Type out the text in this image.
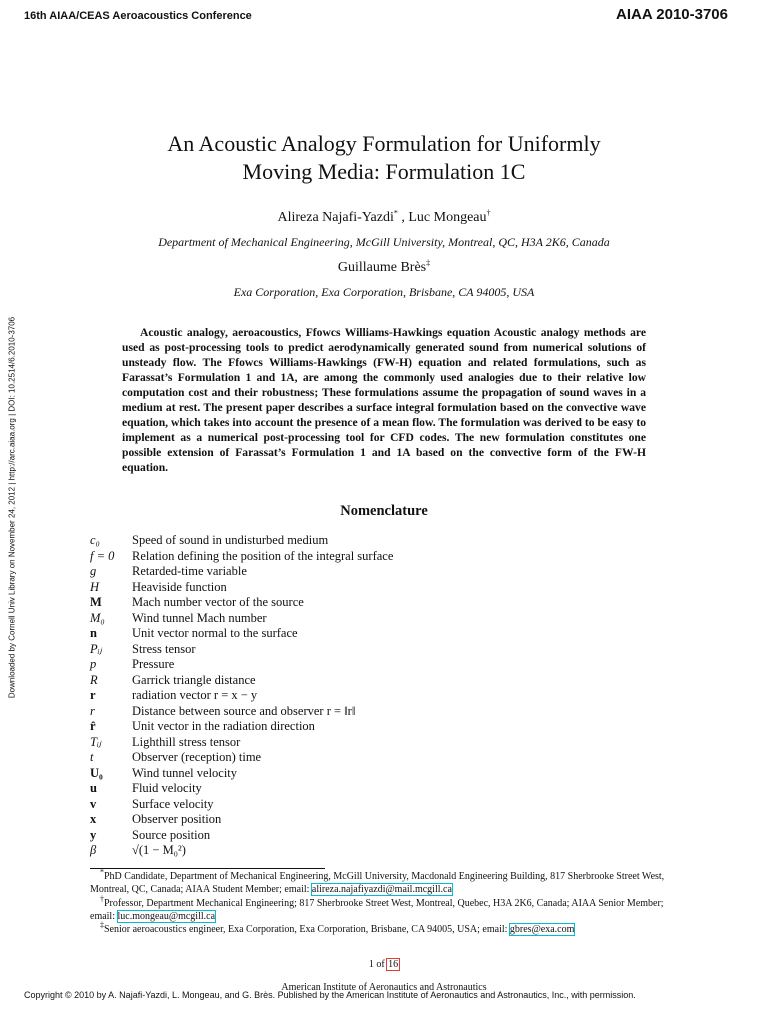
16th AIAA/CEAS Aeroacoustics Conference	AIAA 2010-3706
Downloaded by Cornell Univ Library on November 24, 2012 | http://arc.aiaa.org | DOI: 10.2514/6.2010-3706
An Acoustic Analogy Formulation for Uniformly
Moving Media: Formulation 1C
Alireza Najafi-Yazdi* , Luc Mongeau†
Department of Mechanical Engineering, McGill University, Montreal, QC, H3A 2K6, Canada
Guillaume Brès‡
Exa Corporation, Exa Corporation, Brisbane, CA 94005, USA
Acoustic analogy, aeroacoustics, Ffowcs Williams-Hawkings equation Acoustic analogy methods are used as post-processing tools to predict aerodynamically generated sound from numerical solutions of unsteady flow. The Ffowcs Williams-Hawkings (FW-H) equation and related formulations, such as Farassat’s Formulation 1 and 1A, are among the commonly used analogies due to their relative low computation cost and their robustness; These formulations assume the propagation of sound waves in a medium at rest. The present paper describes a surface integral formulation based on the convective wave equation, which takes into account the presence of a mean flow. The formulation was derived to be easy to implement as a numerical post-processing tool for CFD codes. The new formulation constitutes one possible extension of Farassat’s Formulation 1 and 1A based on the convective form of the FW-H equation.
Nomenclature
c₀	Speed of sound in undisturbed medium
f = 0	Relation defining the position of the integral surface
g	Retarded-time variable
H	Heaviside function
M	Mach number vector of the source
M₀	Wind tunnel Mach number
n	Unit vector normal to the surface
Pᵢⱼ	Stress tensor
p	Pressure
R	Garrick triangle distance
r	radiation vector r = x − y
r	Distance between source and observer r = ‖r‖
r̂	Unit vector in the radiation direction
Tᵢⱼ	Lighthill stress tensor
t	Observer (reception) time
U₀	Wind tunnel velocity
u	Fluid velocity
v	Surface velocity
x	Observer position
y	Source position
β	√(1 − M₀²)
*PhD Candidate, Department of Mechanical Engineering, McGill University, Macdonald Engineering Building, 817 Sherbrooke Street West, Montreal, QC, Canada; AIAA Student Member; email: alireza.najafiyazdi@mail.mcgill.ca
†Professor, Department Mechanical Engineering; 817 Sherbrooke Street West, Montreal, Quebec, H3A 2K6, Canada; AIAA Senior Member; email: luc.mongeau@mcgill.ca
‡Senior aeroacoustics engineer, Exa Corporation, Exa Corporation, Brisbane, CA 94005, USA; email: gbres@exa.com
1 of 16
American Institute of Aeronautics and Astronautics
Copyright © 2010 by A. Najafi-Yazdi, L. Mongeau, and G. Brès. Published by the American Institute of Aeronautics and Astronautics, Inc., with permission.
